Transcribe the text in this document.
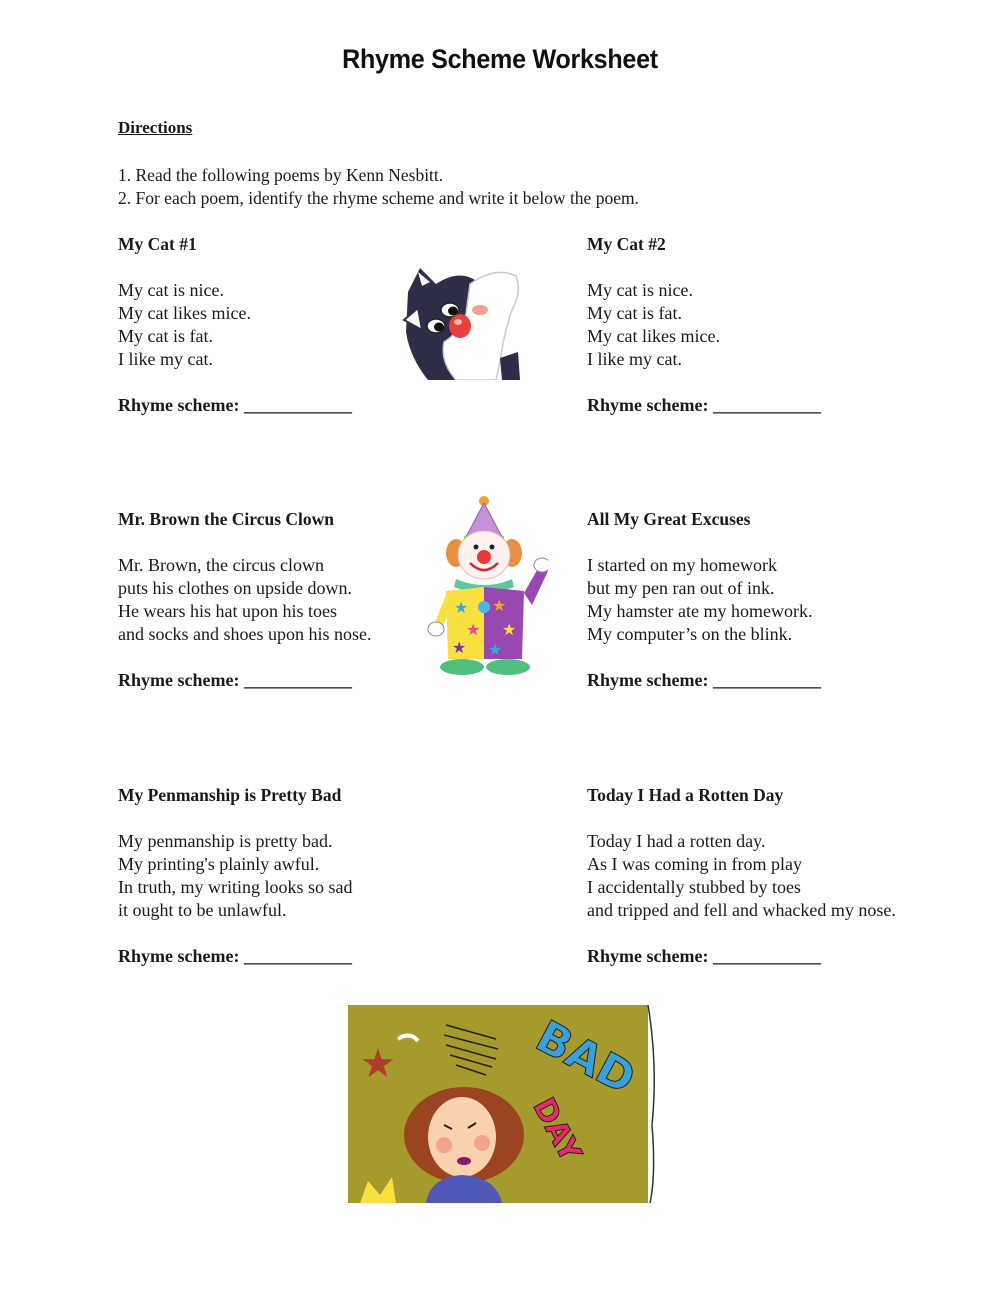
Rhyme Scheme Worksheet
Directions
1. Read the following poems by Kenn Nesbitt.
2. For each poem, identify the rhyme scheme and write it below the poem.
My Cat #1
My cat is nice.
My cat likes mice.
My cat is fat.
I like my cat.
Rhyme scheme: ____________
My Cat #2
My cat is nice.
My cat is fat.
My cat likes mice.
I like my cat.
Rhyme scheme: ____________
Mr. Brown the Circus Clown
Mr. Brown, the circus clown
puts his clothes on upside down.
He wears his hat upon his toes
and socks and shoes upon his nose.
Rhyme scheme: ____________
All My Great Excuses
I started on my homework
but my pen ran out of ink.
My hamster ate my homework.
My computer’s on the blink.
Rhyme scheme: ____________
My Penmanship is Pretty Bad
My penmanship is pretty bad.
My printing's plainly awful.
In truth, my writing looks so sad
it ought to be unlawful.
Rhyme scheme: ____________
Today I Had a Rotten Day
Today I had a rotten day.
As I was coming in from play
I accidentally stubbed by toes
and tripped and fell and whacked my nose.
Rhyme scheme: ____________
★
★
★
★
★
★
★	BAD
DAY
